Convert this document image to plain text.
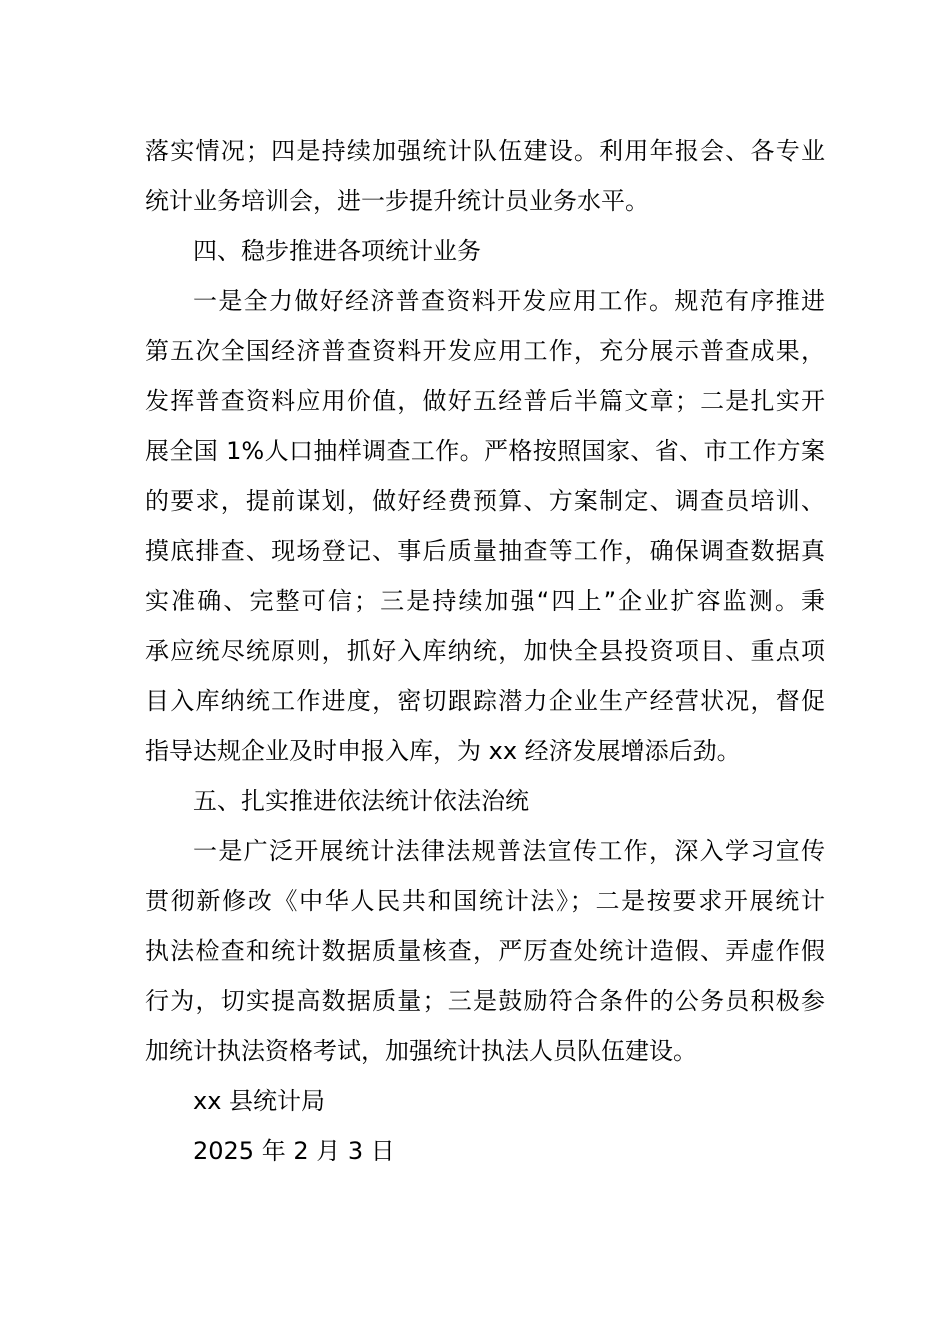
落实情况；四是持续加强统计队伍建设。利用年报会、各专业
统计业务培训会，进一步提升统计员业务水平。
四、稳步推进各项统计业务
一是全力做好经济普查资料开发应用工作。规范有序推进
第五次全国经济普查资料开发应用工作，充分展示普查成果，
发挥普查资料应用价值，做好五经普后半篇文章；二是扎实开
展全国 1%人口抽样调查工作。严格按照国家、省、市工作方案
的要求，提前谋划，做好经费预算、方案制定、调查员培训、
摸底排查、现场登记、事后质量抽查等工作，确保调查数据真
实准确、完整可信；三是持续加强“四上”企业扩容监测。秉
承应统尽统原则，抓好入库纳统，加快全县投资项目、重点项
目入库纳统工作进度，密切跟踪潜力企业生产经营状况，督促
指导达规企业及时申报入库，为 xx 经济发展增添后劲。
五、扎实推进依法统计依法治统
一是广泛开展统计法律法规普法宣传工作，深入学习宣传
贯彻新修改《中华人民共和国统计法》；二是按要求开展统计
执法检查和统计数据质量核查，严厉查处统计造假、弄虚作假
行为，切实提高数据质量；三是鼓励符合条件的公务员积极参
加统计执法资格考试，加强统计执法人员队伍建设。
xx 县统计局
2025 年 2 月 3 日
